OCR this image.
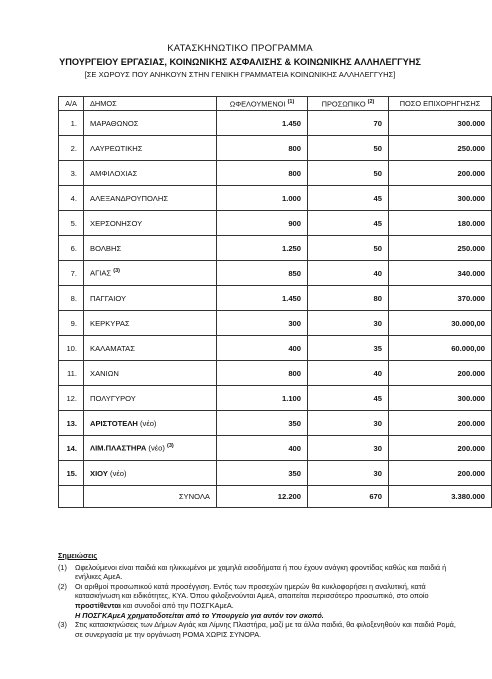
ΚΑΤΑΣΚΗΝΩΤΙΚΟ ΠΡΟΓΡΑΜΜΑ
ΥΠΟΥΡΓΕΙΟΥ ΕΡΓΑΣΙΑΣ, ΚΟΙΝΩΝΙΚΗΣ ΑΣΦΑΛΙΣΗΣ & ΚΟΙΝΩΝΙΚΗΣ ΑΛΛΗΛΕΓΓΥΗΣ
[ΣΕ ΧΩΡΟΥΣ ΠΟΥ ΑΝΗΚΟΥΝ ΣΤΗΝ ΓΕΝΙΚΗ ΓΡΑΜΜΑΤΕΙΑ ΚΟΙΝΩΝΙΚΗΣ ΑΛΛΗΛΕΓΓΥΗΣ]
Α/Α	ΔΗΜΟΣ	ΩΦΕΛΟΥΜΕΝΟΙ $^{(1)}$	ΠΡΟΣΩΠΙΚΟ $^{(2)}$	ΠΟΣΟ ΕΠΙΧΟΡΗΓΗΣΗΣ
1.	ΜΑΡΑΘΩΝΟΣ	1.450	70	300.000
2.	ΛΑΥΡΕΩΤΙΚΗΣ	800	50	250.000
3.	ΑΜΦΙΛΟΧΙΑΣ	800	50	200.000
4.	ΑΛΕΞΑΝΔΡΟΥΠΟΛΗΣ	1.000	45	300.000
5.	ΧΕΡΣΟΝΗΣΟΥ	900	45	180.000
6.	ΒΟΛΒΗΣ	1.250	50	250.000
7.	ΑΓΙΑΣ $^{(3)}$	850	40	340.000
8.	ΠΑΓΓΑΙΟΥ	1.450	80	370.000
9.	ΚΕΡΚΥΡΑΣ	300	30	30.000,00
10.	ΚΑΛΑΜΑΤΑΣ	400	35	60.000,00
11.	ΧΑΝΙΩΝ	800	40	200.000
12.	ΠΟΛΥΓΥΡΟΥ	1.100	45	300.000
13.	ΑΡΙΣΤΟΤΕΛΗ (νέο)	350	30	200.000
14.	ΛΙΜ.ΠΛΑΣΤΗΡΑ (νέο) $^{(3)}$	400	30	200.000
15.	ΧΙΟΥ (νέο)	350	30	200.000
	ΣΥΝΟΛΑ	12.200	670	3.380.000
Σημειώσεις
(1) Ωφελούμενοι είναι παιδιά και ηλικιωμένοι με χαμηλά εισοδήματα ή που έχουν ανάγκη φροντίδας καθώς και παιδιά ή ενήλικες ΑμεΑ.
(2) Οι αριθμοί προσωπικού κατά προσέγγιση. Εντός των προσεχών ημερών θα κυκλοφορήσει η αναλυτική, κατά κατασκήνωση και ειδικότητες, ΚΥΑ. Όπου φιλοξενούνται ΑμεΑ, απαιτείται περισσότερο προσωπικό, στο οποίο προστίθενται και συνοδοί από την ΠΟΣΓΚΑμεΑ.
Η ΠΟΣΓΚΑμεΑ χρηματοδοτείται από το Υπουργείο για αυτόν τον σκοπό.
(3) Στις κατασκηνώσεις των Δήμων Αγιάς και Λίμνης Πλαστήρα, μαζί με τα άλλα παιδιά, θα φιλοξενηθούν και παιδιά Ρομά, σε συνεργασία με την οργάνωση ΡΟΜΑ ΧΩΡΙΣ ΣΥΝΟΡΑ.
